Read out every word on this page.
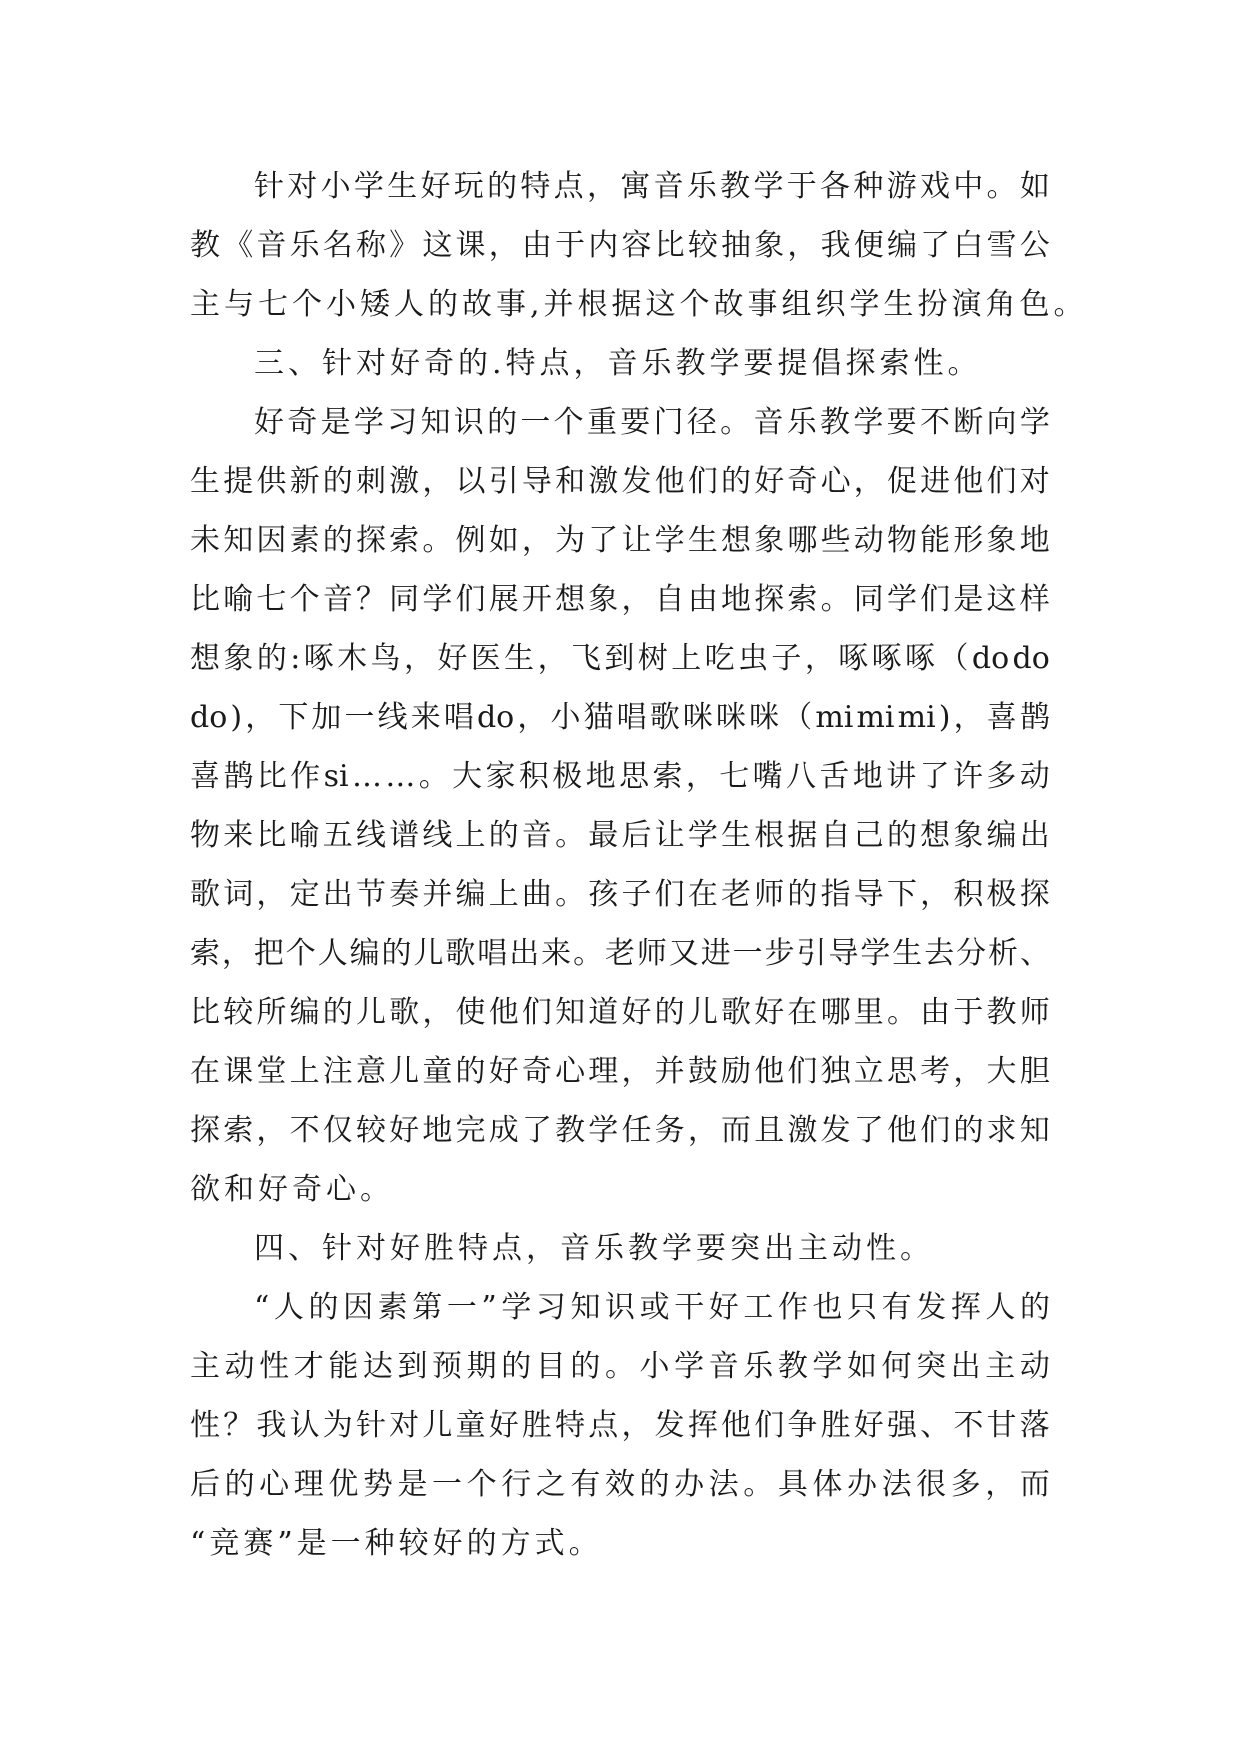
针 对 小 学 生 好 玩 的 特 点 ， 寓 音 乐 教 学 于 各 种 游 戏 中 。 如
教 《 音 乐 名 称 》 这 课 ， 由 于 内 容 比 较 抽 象 ， 我 便 编 了 白 雪 公
主与七个小矮人的故事,并根据这个故事组织学生扮演角色。
三、针对好奇的.特点，音乐教学要提倡探索性。
好 奇 是 学 习 知 识 的 一 个 重 要 门 径 。 音 乐 教 学 要 不 断 向 学
生 提 供 新 的 刺 激 ， 以 引 导 和 激 发 他 们 的 好 奇 心 ， 促 进 他 们 对
未 知 因 素 的 探 索 。 例 如 ， 为 了 让 学 生 想 象 哪 些 动 物 能 形 象 地
比 喻 七 个 音 ？ 同 学 们 展 开 想 象 ， 自 由 地 探 索 。 同 学 们 是 这 样
想 象 的 : 啄 木 鸟 ， 好 医 生 ， 飞 到 树 上 吃 虫 子 ， 啄 啄 啄 （ do do
do ) ， 下 加 一 线 来 唱 do ， 小 猫 唱 歌 咪 咪 咪 （ mi mi mi ) ， 喜 鹊
喜 鹊 比 作 si … … 。 大 家 积 极 地 思 索 ， 七 嘴 八 舌 地 讲 了 许 多 动
物 来 比 喻 五 线 谱 线 上 的 音 。 最 后 让 学 生 根 据 自 己 的 想 象 编 出
歌 词 ， 定 出 节 奏 并 编 上 曲 。 孩 子 们 在 老 师 的 指 导 下 ， 积 极 探
索 ， 把 个 人 编 的 儿 歌 唱 出 来 。 老 师 又 进 一 步 引 导 学 生 去 分 析 、
比 较 所 编 的 儿 歌 ， 使 他 们 知 道 好 的 儿 歌 好 在 哪 里 。 由 于 教 师
在 课 堂 上 注 意 儿 童 的 好 奇 心 理 ， 并 鼓 励 他 们 独 立 思 考 ， 大 胆
探 索 ， 不 仅 较 好 地 完 成 了 教 学 任 务 ， 而 且 激 发 了 他 们 的 求 知
欲和好奇心。
四、针对好胜特点，音乐教学要突出主动性。
“ 人 的 因 素 第 一 ” 学 习 知 识 或 干 好 工 作 也 只 有 发 挥 人 的
主 动 性 才 能 达 到 预 期 的 目 的 。 小 学 音 乐 教 学 如 何 突 出 主 动
性 ？ 我 认 为 针 对 儿 童 好 胜 特 点 ， 发 挥 他 们 争 胜 好 强 、 不 甘 落
后 的 心 理 优 势 是 一 个 行 之 有 效 的 办 法 。 具 体 办 法 很 多 ， 而
“竞赛”是一种较好的方式。
